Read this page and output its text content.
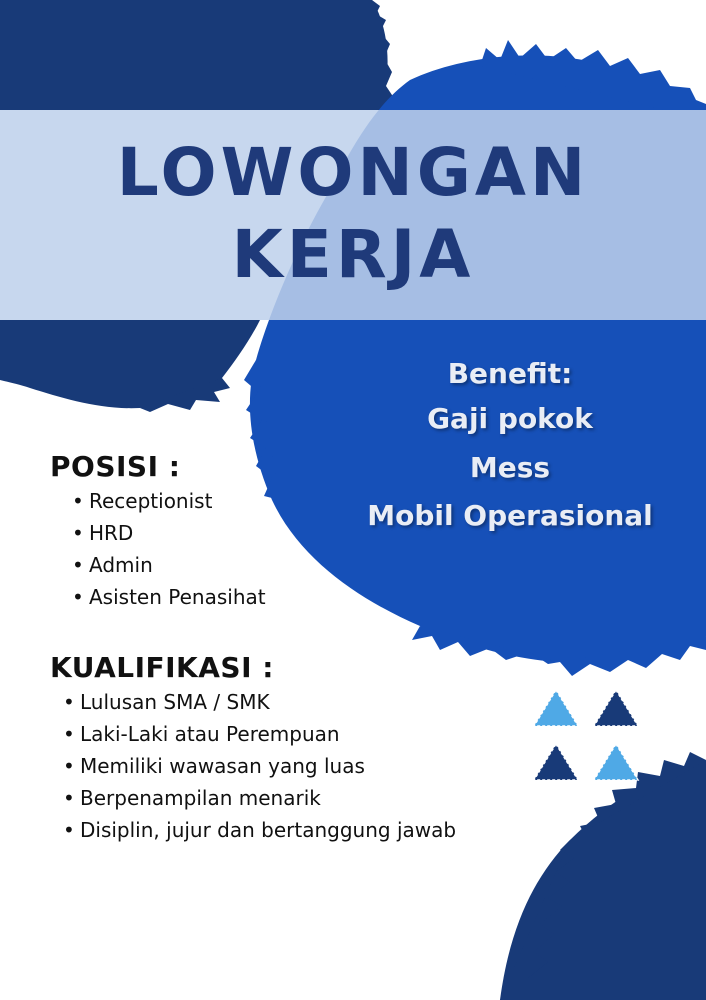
LOWONGAN
KERJA
Benefit:
Gaji pokok
Mess
Mobil Operasional
POSISI :
• Receptionist
• HRD
• Admin
• Asisten Penasihat
KUALIFIKASI :
• Lulusan SMA / SMK
• Laki-Laki atau Perempuan
• Memiliki wawasan yang luas
• Berpenampilan menarik
• Disiplin, jujur dan bertanggung jawab
